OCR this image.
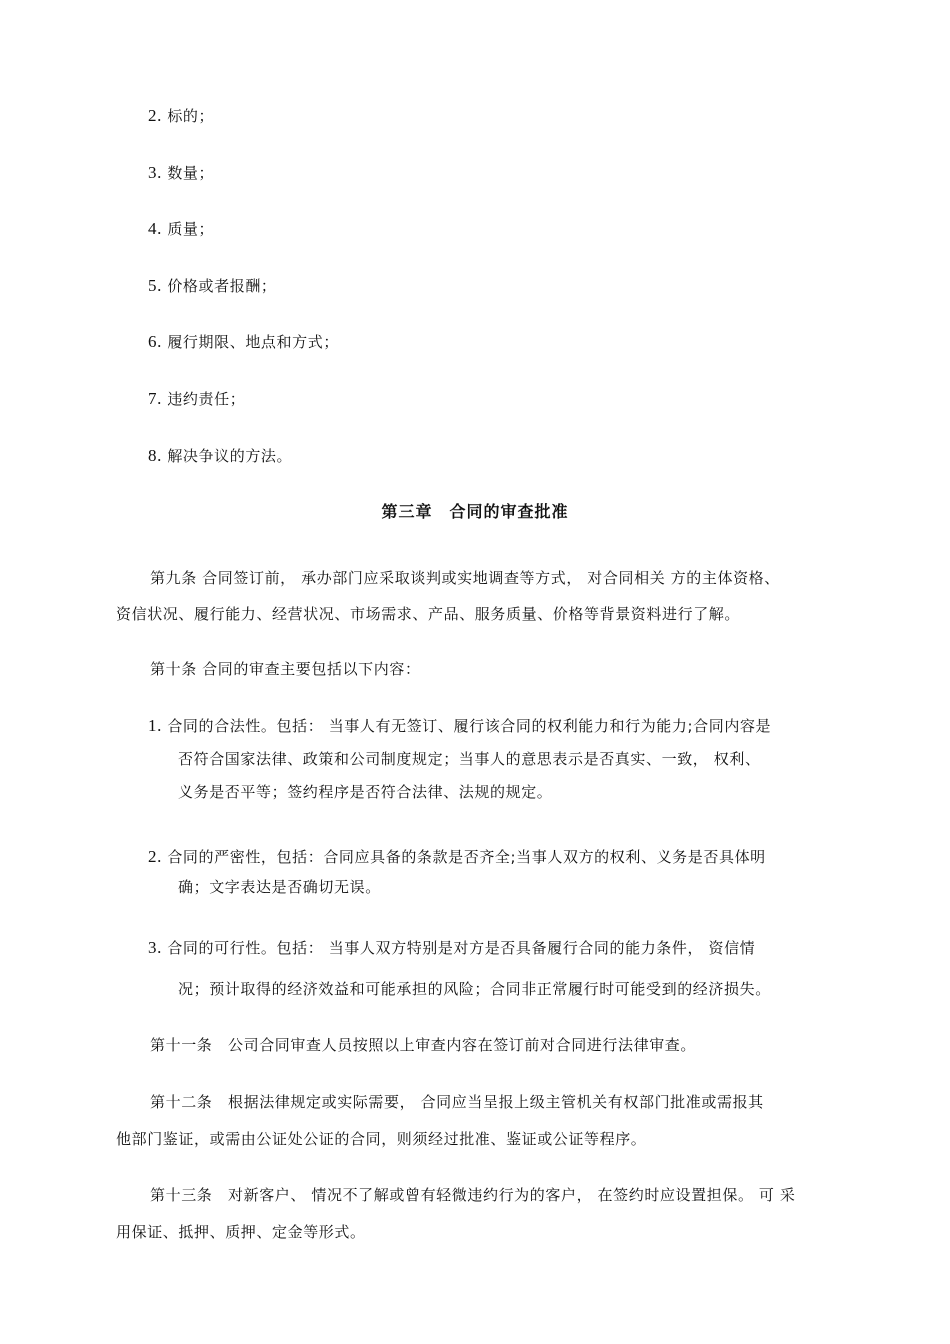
2. 标的；
3. 数量；
4. 质量；
5. 价格或者报酬；
6. 履行期限、地点和方式；
7. 违约责任；
8. 解决争议的方法。
第三章　合同的审查批准
第九条 合同签订前， 承办部门应采取谈判或实地调查等方式， 对合同相关 方的主体资格、
资信状况、履行能力、经营状况、市场需求、产品、服务质量、价格等背景资料进行了解。
第十条 合同的审查主要包括以下内容：
1. 合同的合法性。包括： 当事人有无签订、履行该合同的权利能力和行为能力;合同内容是
否符合国家法律、政策和公司制度规定；当事人的意思表示是否真实、一致， 权利、
义务是否平等；签约程序是否符合法律、法规的规定。
2. 合同的严密性，包括：合同应具备的条款是否齐全;当事人双方的权利、义务是否具体明
确；文字表达是否确切无误。
3. 合同的可行性。包括： 当事人双方特别是对方是否具备履行合同的能力条件， 资信情
况；预计取得的经济效益和可能承担的风险；合同非正常履行时可能受到的经济损失。
第十一条　公司合同审查人员按照以上审查内容在签订前对合同进行法律审查。
第十二条　根据法律规定或实际需要， 合同应当呈报上级主管机关有权部门批准或需报其
他部门鉴证，或需由公证处公证的合同，则须经过批准、鉴证或公证等程序。
第十三条　对新客户、 情况不了解或曾有轻微违约行为的客户， 在签约时应设置担保。 可 采
用保证、抵押、质押、定金等形式。
